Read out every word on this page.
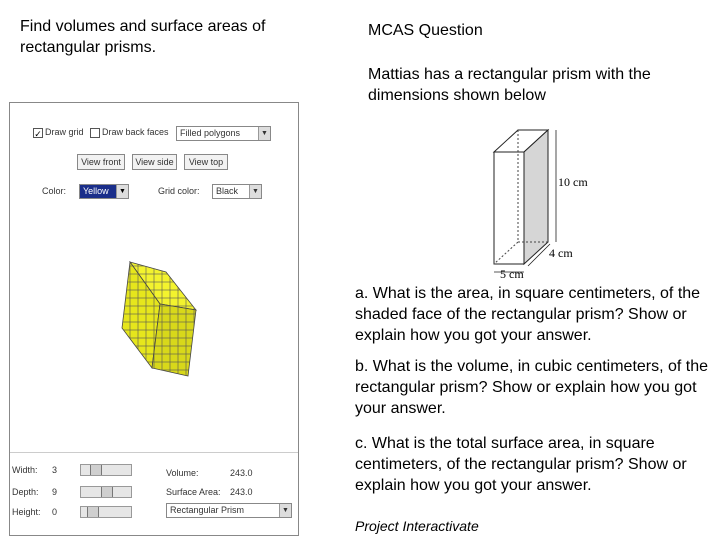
Find volumes and surface areas of rectangular prisms.
MCAS Question
Mattias has a rectangular prism with the dimensions shown below
✓ Draw grid Draw back faces	Filled polygons	▼
View front	View side	View top
Color:	Yellow	▼	Grid color:	Black	▼
Width: 3
Depth: 9
Height: 0
Volume:	243.0
Surface Area: 243.0
Rectangular Prism	▼
10 cm
4 cm
5 cm
a. What is the area, in square centimeters, of the shaded face of the rectangular prism? Show or explain how you got your answer.
b. What is the volume, in cubic centimeters, of the rectangular prism? Show or explain how you got your answer.
c. What is the total surface area, in square centimeters, of the rectangular prism? Show or explain how you got your answer.
Project Interactivate
